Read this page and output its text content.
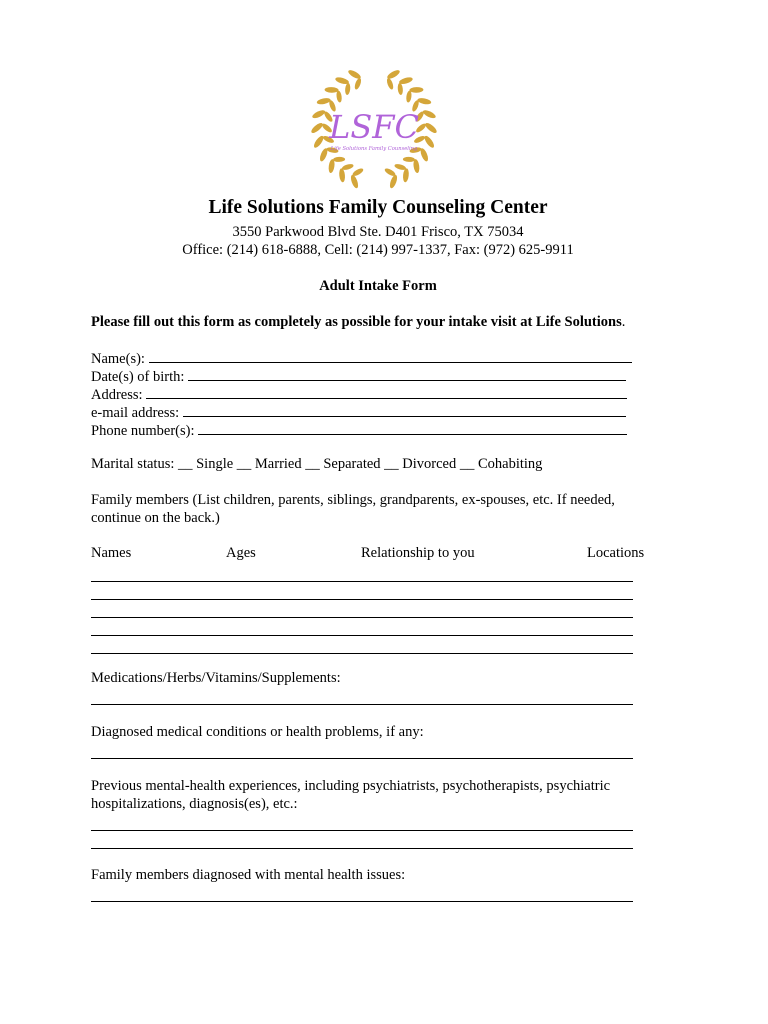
LSFC
Life Solutions Family Counseling
Life Solutions Family Counseling Center
3550 Parkwood Blvd Ste. D401 Frisco, TX 75034
Office: (214) 618-6888, Cell: (214) 997-1337, Fax: (972) 625-9911
Adult Intake Form
Please fill out this form as completely as possible for your intake visit at Life Solutions.
Name(s):
Date(s) of birth:
Address:
e-mail address:
Phone number(s):
Marital status: __ Single __ Married __ Separated __ Divorced __ Cohabiting
Family members (List children, parents, siblings, grandparents, ex-spouses, etc. If needed, continue on the back.)
Names	Ages	Relationship to you	Locations
Medications/Herbs/Vitamins/Supplements:
Diagnosed medical conditions or health problems, if any:
Previous mental-health experiences, including psychiatrists, psychotherapists, psychiatric hospitalizations, diagnosis(es), etc.:
Family members diagnosed with mental health issues:
